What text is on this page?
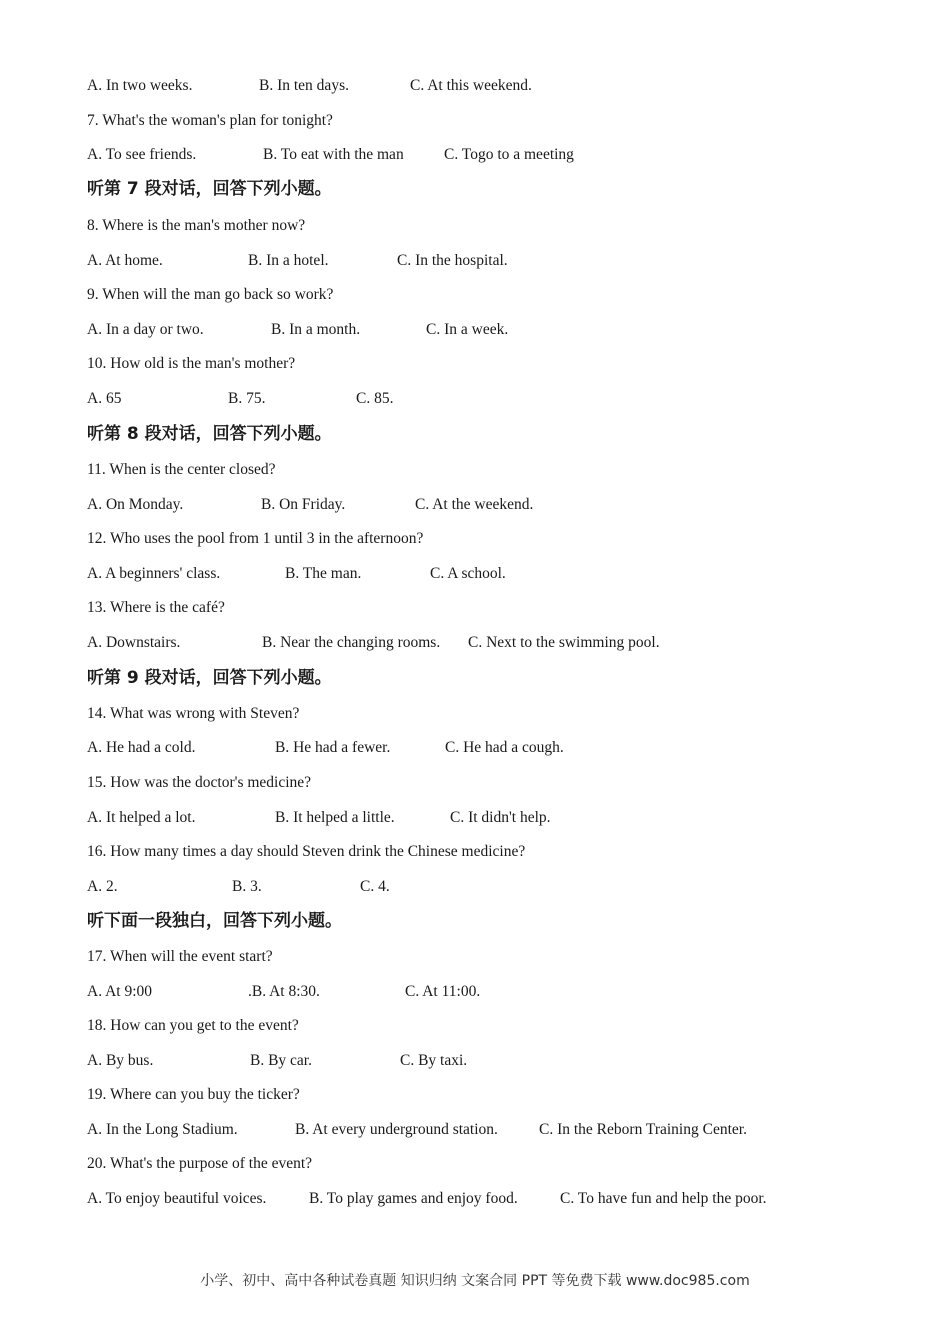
A. In two weeks.	B. In ten days.	C. At this weekend.
7. What's the woman's plan for tonight?
A. To see friends.	B. To eat with the man	C. Togo to a meeting
听第 7 段对话，回答下列小题。
8. Where is the man's mother now?
A. At home.	B. In a hotel.	C. In the hospital.
9. When will the man go back so work?
A. In a day or two.	B. In a month.	C. In a week.
10. How old is the man's mother?
A. 65	B. 75.	C. 85.
听第 8 段对话，回答下列小题。
11. When is the center closed?
A. On Monday.	B. On Friday.	C. At the weekend.
12. Who uses the pool from 1 until 3 in the afternoon?
A. A beginners' class.	B. The man.	C. A school.
13. Where is the café?
A. Downstairs.	B. Near the changing rooms. C. Next to the swimming pool.
听第 9 段对话，回答下列小题。
14. What was wrong with Steven?
A. He had a cold.	B. He had a fewer.	C. He had a cough.
15. How was the doctor's medicine?
A. It helped a lot.	B. It helped a little.	C. It didn't help.
16. How many times a day should Steven drink the Chinese medicine?
A. 2.	B. 3.	C. 4.
听下面一段独白，回答下列小题。
17. When will the event start?
A. At 9:00	.B. At 8:30.	C. At 11:00.
18. How can you get to the event?
A. By bus.	B. By car.	C. By taxi.
19. Where can you buy the ticker?
A. In the Long Stadium.	B. At every underground station.	C. In the Reborn Training Center.
20. What's the purpose of the event?
A. To enjoy beautiful voices.	B. To play games and enjoy food.	C. To have fun and help the poor.
小学、初中、高中各种试卷真题 知识归纳 文案合同 PPT 等免费下载 www.doc985.com
